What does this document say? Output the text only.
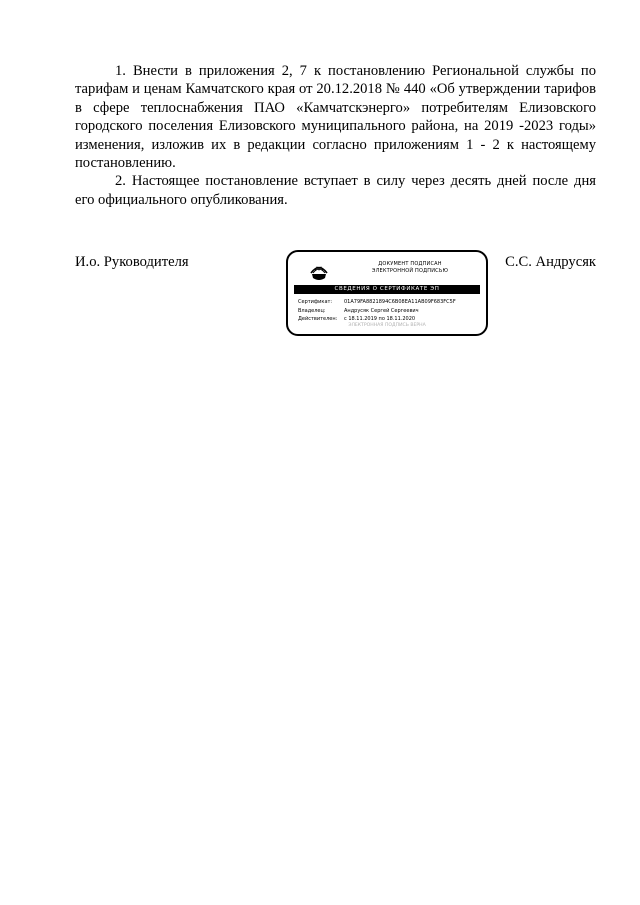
1. Внести в приложения 2, 7 к постановлению Региональной службы по тарифам и ценам Камчатского края от 20.12.2018 № 440 «Об утверждении тарифов в сфере теплоснабжения ПАО «Камчатскэнерго» потребителям Елизовского городского поселения Елизовского муниципального района, на 2019 -2023 годы» изменения, изложив их в редакции согласно приложениям 1 - 2 к настоящему постановлению.

2. Настоящее постановление вступает в силу через десять дней после дня его официального опубликования.

И.о. Руководителя	С.С. Андрусяк
ДОКУМЕНТ ПОДПИСАН
ЭЛЕКТРОННОЙ ПОДПИСЬЮ
СВЕДЕНИЯ О СЕРТИФИКАТЕ ЭП
Сертификат:	01A79FA8821894C6B08EA11AB09F683FC5F
Владелец:	Андрусяк Сергей Сергеевич
Действителен:	с 18.11.2019 по 18.11.2020
ЭЛЕКТРОННАЯ ПОДПИСЬ ВЕРНА
